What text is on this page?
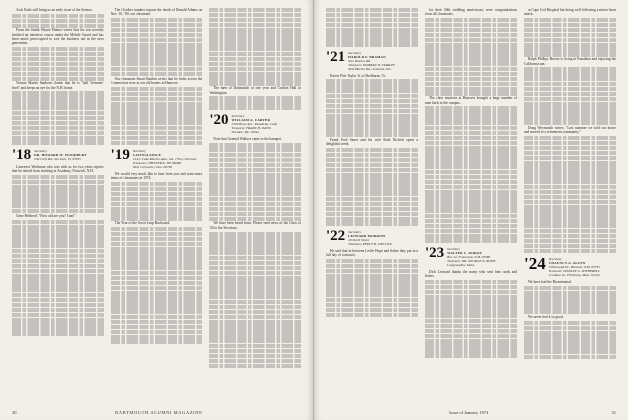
Arch Earle will bring us an early issue of the Seniors.

From the Smith Wayne Palmer writes that his son recently finished an intensive course under the Mobile Guard and has been much preoccupied to sort the business out in the next generation.

Vernon Martin Sanborn claims that he is "half Vermont-bred" and keeps an eye for the N.H. home.

'18 Secretary
DR. HOWARD W. WOODBURY
Old Croft Rd., Norwich, Vt. 05055

Lawrence Workman who was with us for two years reports that he retired from teaching at Academy, Norwich, N.H.

Gene Hebberd: "How old are you? I am!"

The October number reports the death of Donald Adams on Nov. 10, ’60, our classmate.

Our classmate Stuart Rankin writes that he looks across the Connecticut river at our old homes in Hanover.

'19 Secretary
LAVINIA SPACE
214-C Lake Marion Apts., Ste. 1764, Clermont
Treasurer, CHESTER K. DE MORE
West Cornwall, Conn. 06796

We would very much like to hear from you and want more items of classmates in 1974.

The Year of the Great Leap Backward.

The men of Dartmouth of one year and Carlton Hall in Washington.

'20 Secretary
WILLIAM A. CARTER
2509 Beryl Ave., Pasadena, Calif.
Treasurer, FRANK H. DAVIS
Dresden, Me. 04342

Note that General Wallace came to the banquet.

We have been heard from. Please send news of the Class of '20 to the Secretary.

30	DARTMOUTH ALUMNI MAGAZINE
'21 Secretary
HAROLD F. BRAMAN
Nov. Boston, Rd.
Treasurer, NORMAN W. STARLEY
Wolf Harbor Rd., Leonard, Nev.

Ernest Pete Taylor Jr. of Shelburne, Vt.

Frank Fred Sauer and his wife Ruth Nichols spent a delightful week.

'22 Secretary
LEONARD MORROW
29 North Street
Treasurer, PERCY B. LINCOLN

He said that in between Leslie Hope and Sobes they put in a full day of contracts.

for their 50th wedding anniversary were congratulations from all classmates.

The class reunions at Hanover brought a large number of men back to the campus.

'23 Secretary
WALTER C. DODGE
Box 12, Franconia, N.H. 03580
Treasurer, DR. GEORGE N. ROWE
Longmeadow, Mass.

Dick Leonard thanks the many who sent him cards and letters.

at Cape Cod Hospital but doing well following a minor heart attack.

Ralph Phillips Brown is living in Pasadena and enjoying the California sun.

Doug Weymouth writes: "Last summer we sold our house and moved to a retirement community."

'24 Secretary
CHAUNCY A. ALLEN
9 Elmwood Dr., Hanover, N.H. 03755
Treasurer, STANLEY G. WITHERELL
114 Rose St., Fitchburg, Mass. 01420

We have had the Bicentennial.

We never had it so good.

Issue of January 1974	31
